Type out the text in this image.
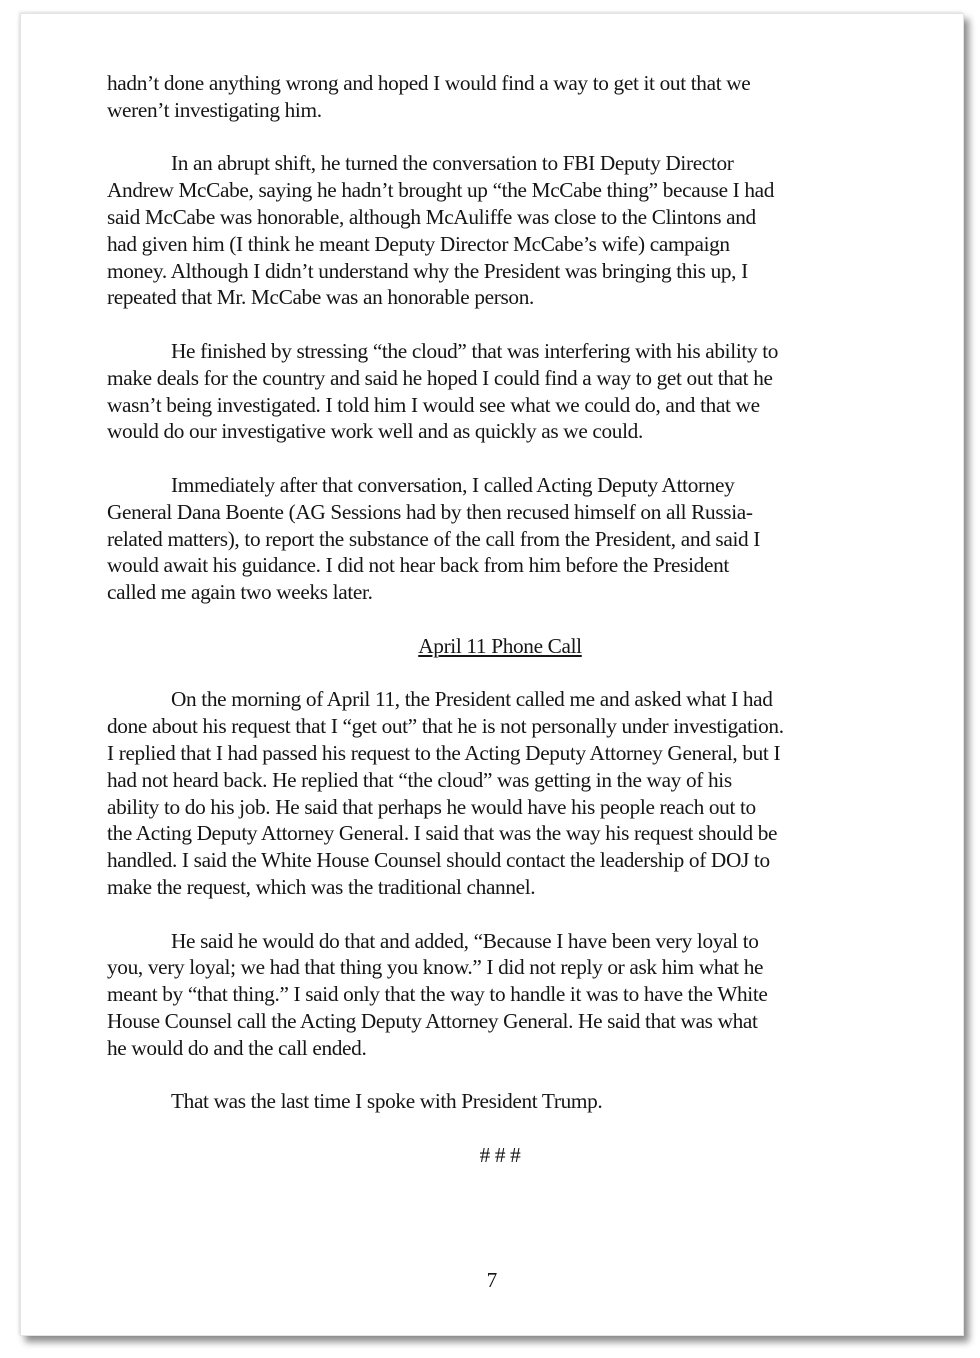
hadn’t done anything wrong and hoped I would find a way to get it out that we
weren’t investigating him.
In an abrupt shift, he turned the conversation to FBI Deputy Director
Andrew McCabe, saying he hadn’t brought up “the McCabe thing” because I had
said McCabe was honorable, although McAuliffe was close to the Clintons and
had given him (I think he meant Deputy Director McCabe’s wife) campaign
money. Although I didn’t understand why the President was bringing this up, I
repeated that Mr. McCabe was an honorable person.
He finished by stressing “the cloud” that was interfering with his ability to
make deals for the country and said he hoped I could find a way to get out that he
wasn’t being investigated. I told him I would see what we could do, and that we
would do our investigative work well and as quickly as we could.
Immediately after that conversation, I called Acting Deputy Attorney
General Dana Boente (AG Sessions had by then recused himself on all Russia-
related matters), to report the substance of the call from the President, and said I
would await his guidance. I did not hear back from him before the President
called me again two weeks later.
April 11 Phone Call
On the morning of April 11, the President called me and asked what I had
done about his request that I “get out” that he is not personally under investigation.
I replied that I had passed his request to the Acting Deputy Attorney General, but I
had not heard back. He replied that “the cloud” was getting in the way of his
ability to do his job. He said that perhaps he would have his people reach out to
the Acting Deputy Attorney General. I said that was the way his request should be
handled. I said the White House Counsel should contact the leadership of DOJ to
make the request, which was the traditional channel.
He said he would do that and added, “Because I have been very loyal to
you, very loyal; we had that thing you know.” I did not reply or ask him what he
meant by “that thing.” I said only that the way to handle it was to have the White
House Counsel call the Acting Deputy Attorney General. He said that was what
he would do and the call ended.
That was the last time I spoke with President Trump.
# # #
7
